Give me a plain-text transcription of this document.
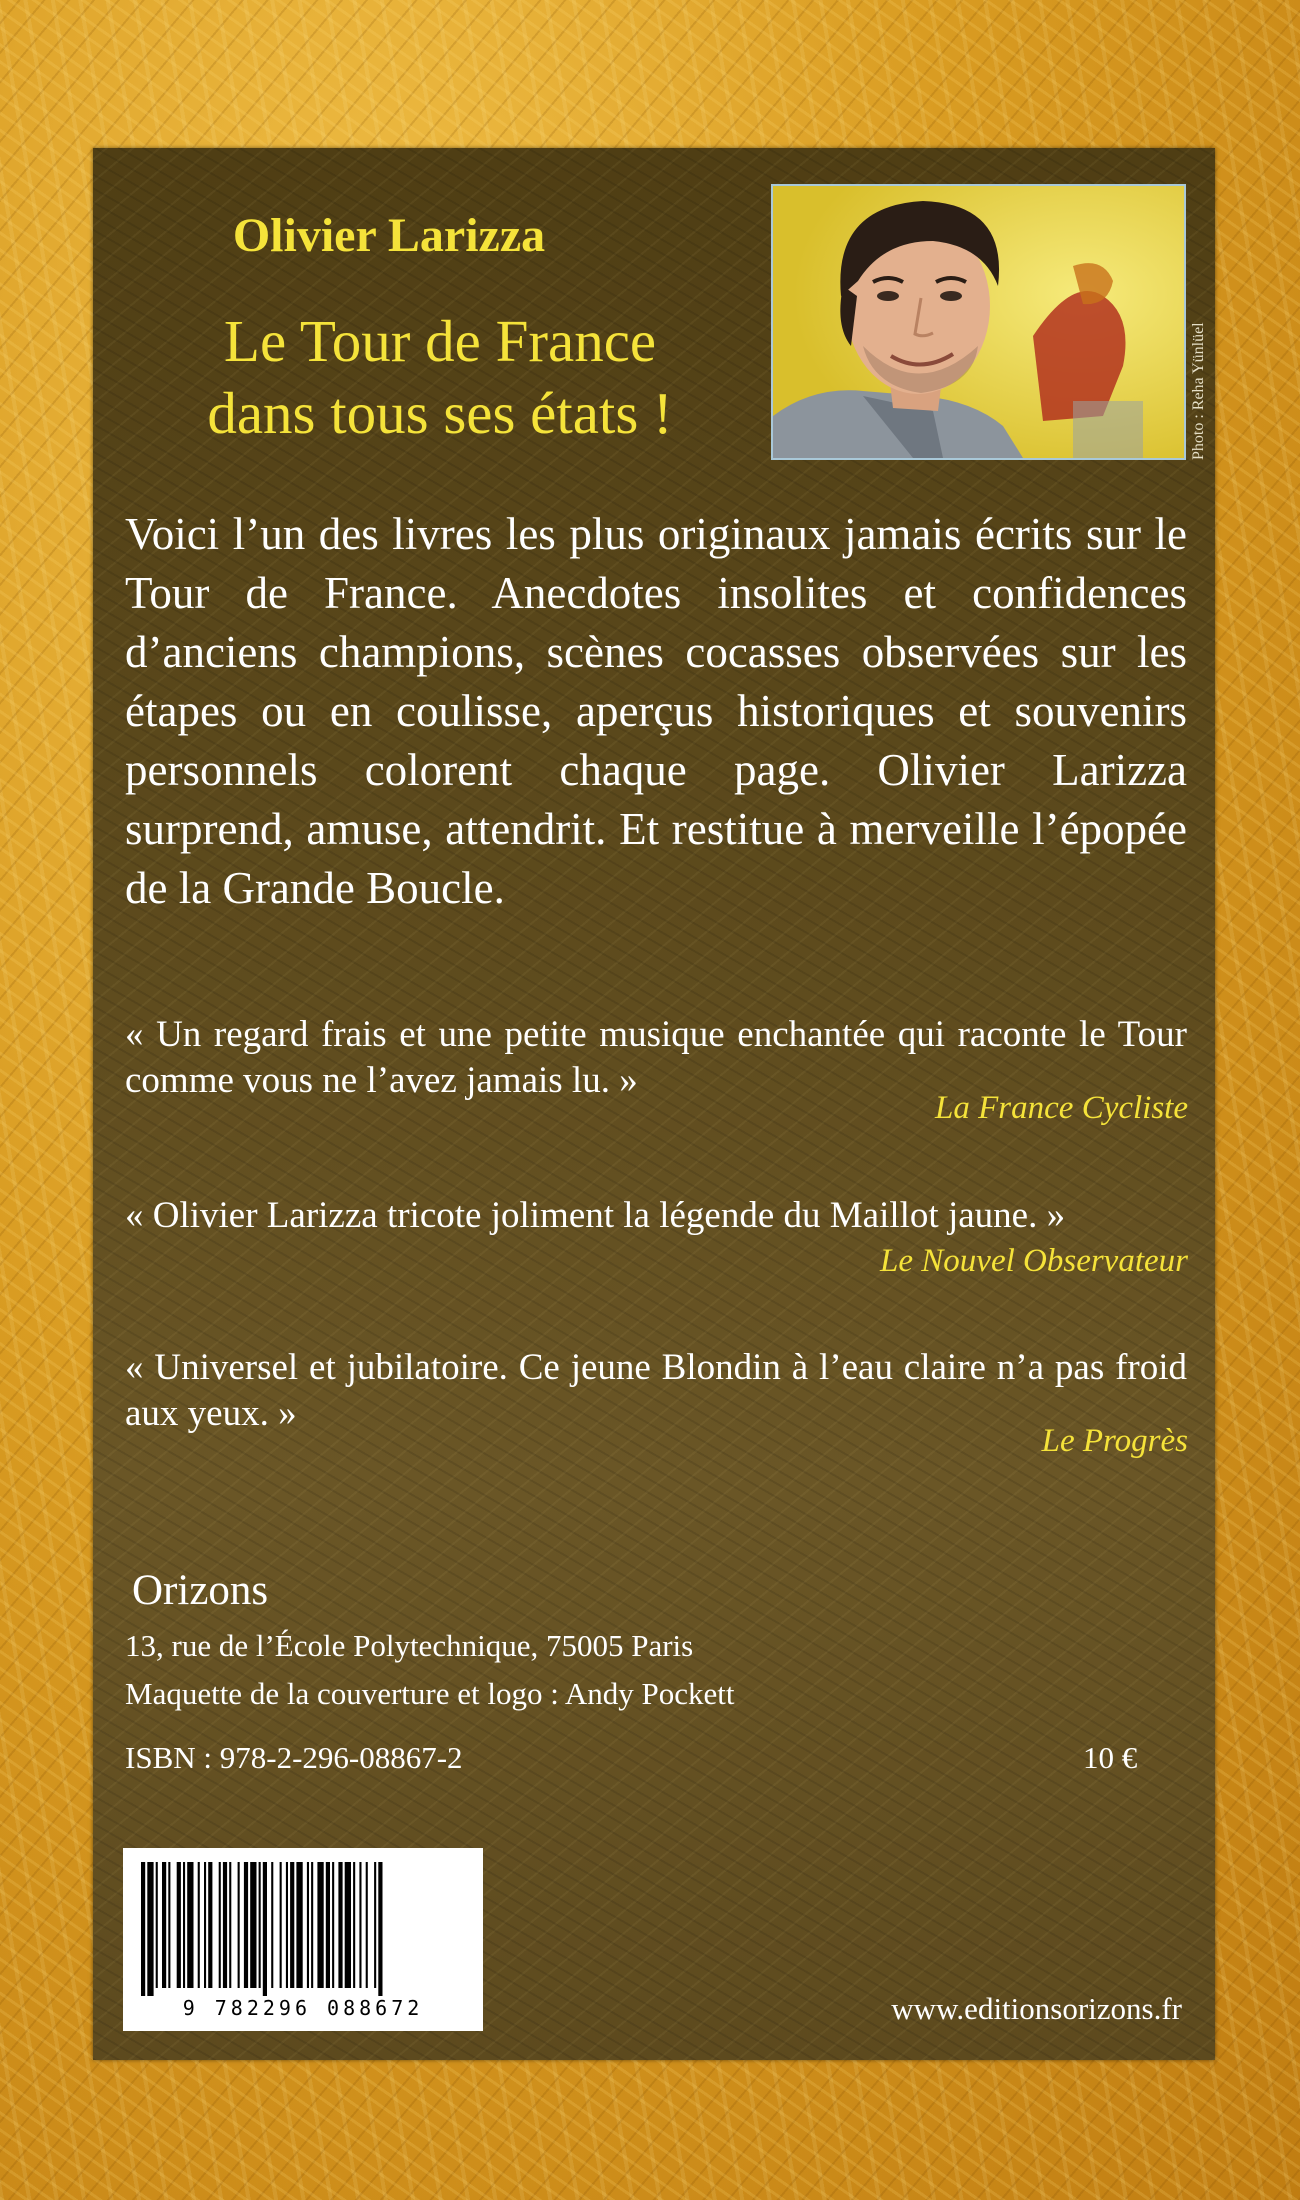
Olivier Larizza
Le Tour de France
dans tous ses états !	Photo : Reha Yünlüel

Voici l’un des livres les plus originaux jamais écrits sur le Tour de France. Anecdotes insolites et confidences d’anciens champions, scènes cocasses observées sur les étapes ou en coulisse, aperçus historiques et souvenirs personnels colorent chaque page. Olivier Larizza surprend, amuse, attendrit. Et restitue à merveille l’épopée de la Grande Boucle.

« Un regard frais et une petite musique enchantée qui raconte le Tour comme vous ne l’avez jamais lu. »

La France Cycliste

« Olivier Larizza tricote joliment la légende du Maillot jaune. »

Le Nouvel Observateur

« Universel et jubilatoire. Ce jeune Blondin à l’eau claire n’a pas froid aux yeux. »

Le Progrès
Orizons
13, rue de l’École Polytechnique, 75005 Paris
Maquette de la couverture et logo : Andy Pockett
ISBN : 978-2-296-08867-2	10 €
9 782296 088672	www.editionsorizons.fr
